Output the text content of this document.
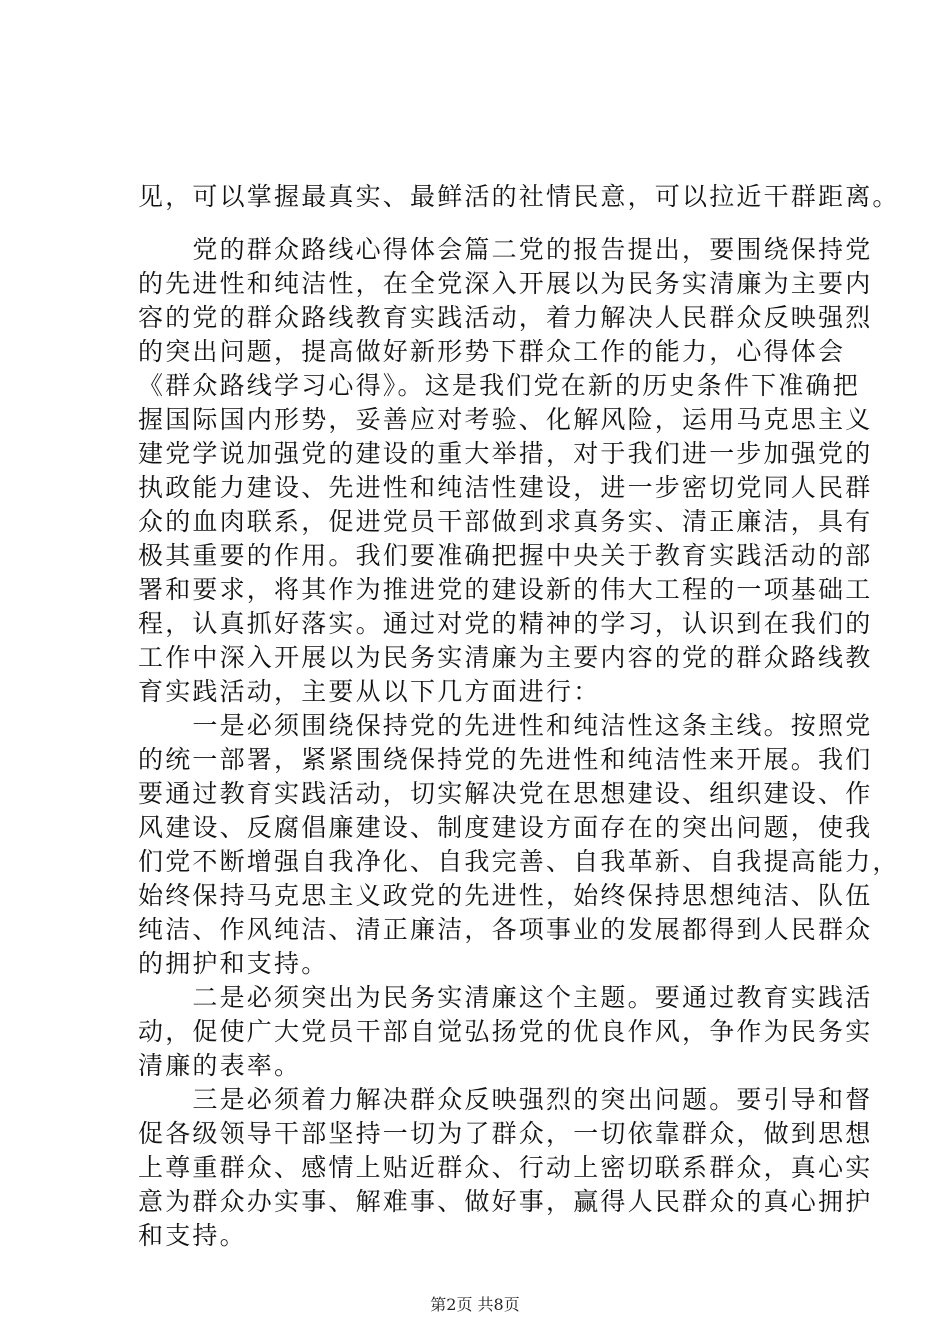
见，可以掌握最真实、最鲜活的社情民意，可以拉近干群距离。
　　党的群众路线心得体会篇二党的报告提出，要围绕保持党
的先进性和纯洁性，在全党深入开展以为民务实清廉为主要内
容的党的群众路线教育实践活动，着力解决人民群众反映强烈
的突出问题，提高做好新形势下群众工作的能力，心得体会
《群众路线学习心得》。这是我们党在新的历史条件下准确把
握国际国内形势，妥善应对考验、化解风险，运用马克思主义
建党学说加强党的建设的重大举措，对于我们进一步加强党的
执政能力建设、先进性和纯洁性建设，进一步密切党同人民群
众的血肉联系，促进党员干部做到求真务实、清正廉洁，具有
极其重要的作用。我们要准确把握中央关于教育实践活动的部
署和要求，将其作为推进党的建设新的伟大工程的一项基础工
程，认真抓好落实。通过对党的精神的学习，认识到在我们的
工作中深入开展以为民务实清廉为主要内容的党的群众路线教
育实践活动，主要从以下几方面进行：
　　一是必须围绕保持党的先进性和纯洁性这条主线。按照党
的统一部署，紧紧围绕保持党的先进性和纯洁性来开展。我们
要通过教育实践活动，切实解决党在思想建设、组织建设、作
风建设、反腐倡廉建设、制度建设方面存在的突出问题，使我
们党不断增强自我净化、自我完善、自我革新、自我提高能力，
始终保持马克思主义政党的先进性，始终保持思想纯洁、队伍
纯洁、作风纯洁、清正廉洁，各项事业的发展都得到人民群众
的拥护和支持。
　　二是必须突出为民务实清廉这个主题。要通过教育实践活
动，促使广大党员干部自觉弘扬党的优良作风，争作为民务实
清廉的表率。
　　三是必须着力解决群众反映强烈的突出问题。要引导和督
促各级领导干部坚持一切为了群众，一切依靠群众，做到思想
上尊重群众、感情上贴近群众、行动上密切联系群众，真心实
意为群众办实事、解难事、做好事，赢得人民群众的真心拥护
和支持。
第2页 共8页
